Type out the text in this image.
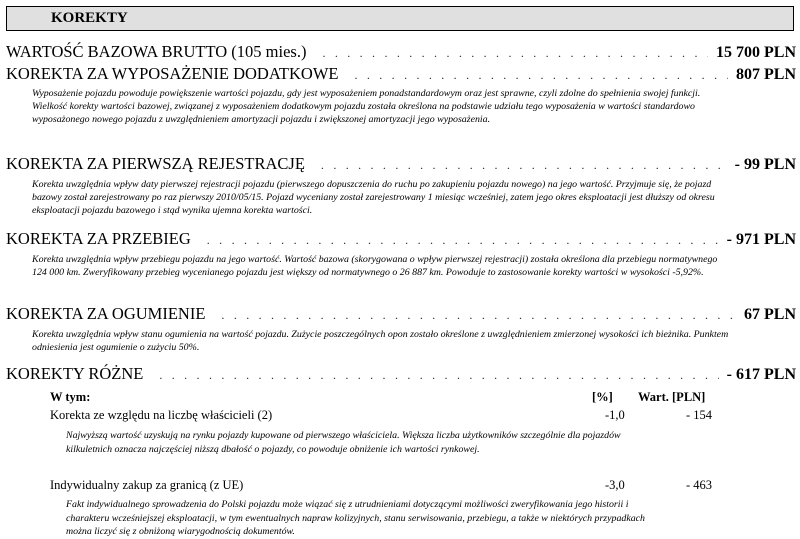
KOREKTY
WARTOŚĆ BAZOWA BRUTTO (105 mies.) . . .	15 700 PLN
KOREKTA ZA WYPOSAŻENIE DODATKOWE . . .	807 PLN

Wyposażenie pojazdu powoduje powiększenie wartości pojazdu, gdy jest wyposażeniem ponadstandardowym oraz jest sprawne, czyli zdolne do spełnienia swojej funkcji. Wielkość korekty wartości bazowej, związanej z wyposażeniem dodatkowym pojazdu została określona na podstawie udziału tego wyposażenia w wartości standardowo wyposażonego nowego pojazdu z uwzględnieniem amortyzacji pojazdu i zwiększonej amortyzacji jego wyposażenia.

KOREKTA ZA PIERWSZĄ REJESTRACJĘ . . .	- 99 PLN

Korekta uwzględnia wpływ daty pierwszej rejestracji pojazdu (pierwszego dopuszczenia do ruchu po zakupieniu pojazdu nowego) na jego wartość. Przyjmuje się, że pojazd bazowy został zarejestrowany po raz pierwszy 2010/05/15. Pojazd wyceniany został zarejestrowany 1 miesiąc wcześniej, zatem jego okres eksploatacji jest dłuższy od okresu eksploatacji pojazdu bazowego i stąd wynika ujemna korekta wartości.

KOREKTA ZA PRZEBIEG . . .	- 971 PLN

Korekta uwzględnia wpływ przebiegu pojazdu na jego wartość. Wartość bazowa (skorygowana o wpływ pierwszej rejestracji) została określona dla przebiegu normatywnego 124 000 km. Zweryfikowany przebieg wycenianego pojazdu jest większy od normatywnego o 26 887 km. Powoduje to zastosowanie korekty wartości w wysokości -5,92%.

KOREKTA ZA OGUMIENIE . . .	67 PLN

Korekta uwzględnia wpływ stanu ogumienia na wartość pojazdu. Zużycie poszczególnych opon zostało określone z uwzględnieniem zmierzonej wysokości ich bieżnika. Punktem odniesienia jest ogumienie o zużyciu 50%.

KOREKTY RÓŻNE . . .	- 617 PLN
W tym:	[%] Wart. [PLN]
Korekta ze względu na liczbę właścicieli (2)	-1,0	- 154

Najwyższą wartość uzyskują na rynku pojazdy kupowane od pierwszego właściciela. Większa liczba użytkowników szczególnie dla pojazdów kilkuletnich oznacza najczęściej niższą dbałość o pojazdy, co powoduje obniżenie ich wartości rynkowej.

Indywidualny zakup za granicą (z UE)	-3,0	- 463

Fakt indywidualnego sprowadzenia do Polski pojazdu może wiązać się z utrudnieniami dotyczącymi możliwości zweryfikowania jego historii i charakteru wcześniejszej eksploatacji, w tym ewentualnych napraw kolizyjnych, stanu serwisowania, przebiegu, a także w niektórych przypadkach można liczyć się z obniżoną wiarygodnością dokumentów.
